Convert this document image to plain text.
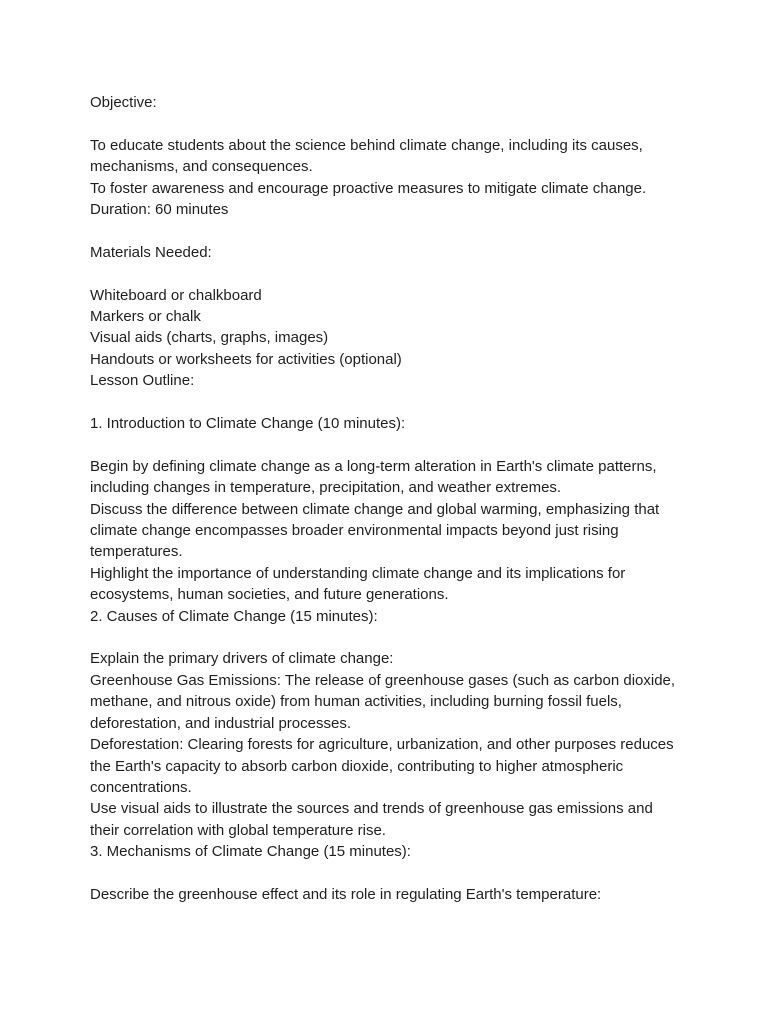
Objective:
To educate students about the science behind climate change, including its causes,
mechanisms, and consequences.
To foster awareness and encourage proactive measures to mitigate climate change.
Duration: 60 minutes
Materials Needed:
Whiteboard or chalkboard
Markers or chalk
Visual aids (charts, graphs, images)
Handouts or worksheets for activities (optional)
Lesson Outline:
1. Introduction to Climate Change (10 minutes):
Begin by defining climate change as a long-term alteration in Earth's climate patterns,
including changes in temperature, precipitation, and weather extremes.
Discuss the difference between climate change and global warming, emphasizing that
climate change encompasses broader environmental impacts beyond just rising
temperatures.
Highlight the importance of understanding climate change and its implications for
ecosystems, human societies, and future generations.
2. Causes of Climate Change (15 minutes):
Explain the primary drivers of climate change:
Greenhouse Gas Emissions: The release of greenhouse gases (such as carbon dioxide,
methane, and nitrous oxide) from human activities, including burning fossil fuels,
deforestation, and industrial processes.
Deforestation: Clearing forests for agriculture, urbanization, and other purposes reduces
the Earth's capacity to absorb carbon dioxide, contributing to higher atmospheric
concentrations.
Use visual aids to illustrate the sources and trends of greenhouse gas emissions and
their correlation with global temperature rise.
3. Mechanisms of Climate Change (15 minutes):
Describe the greenhouse effect and its role in regulating Earth's temperature:
